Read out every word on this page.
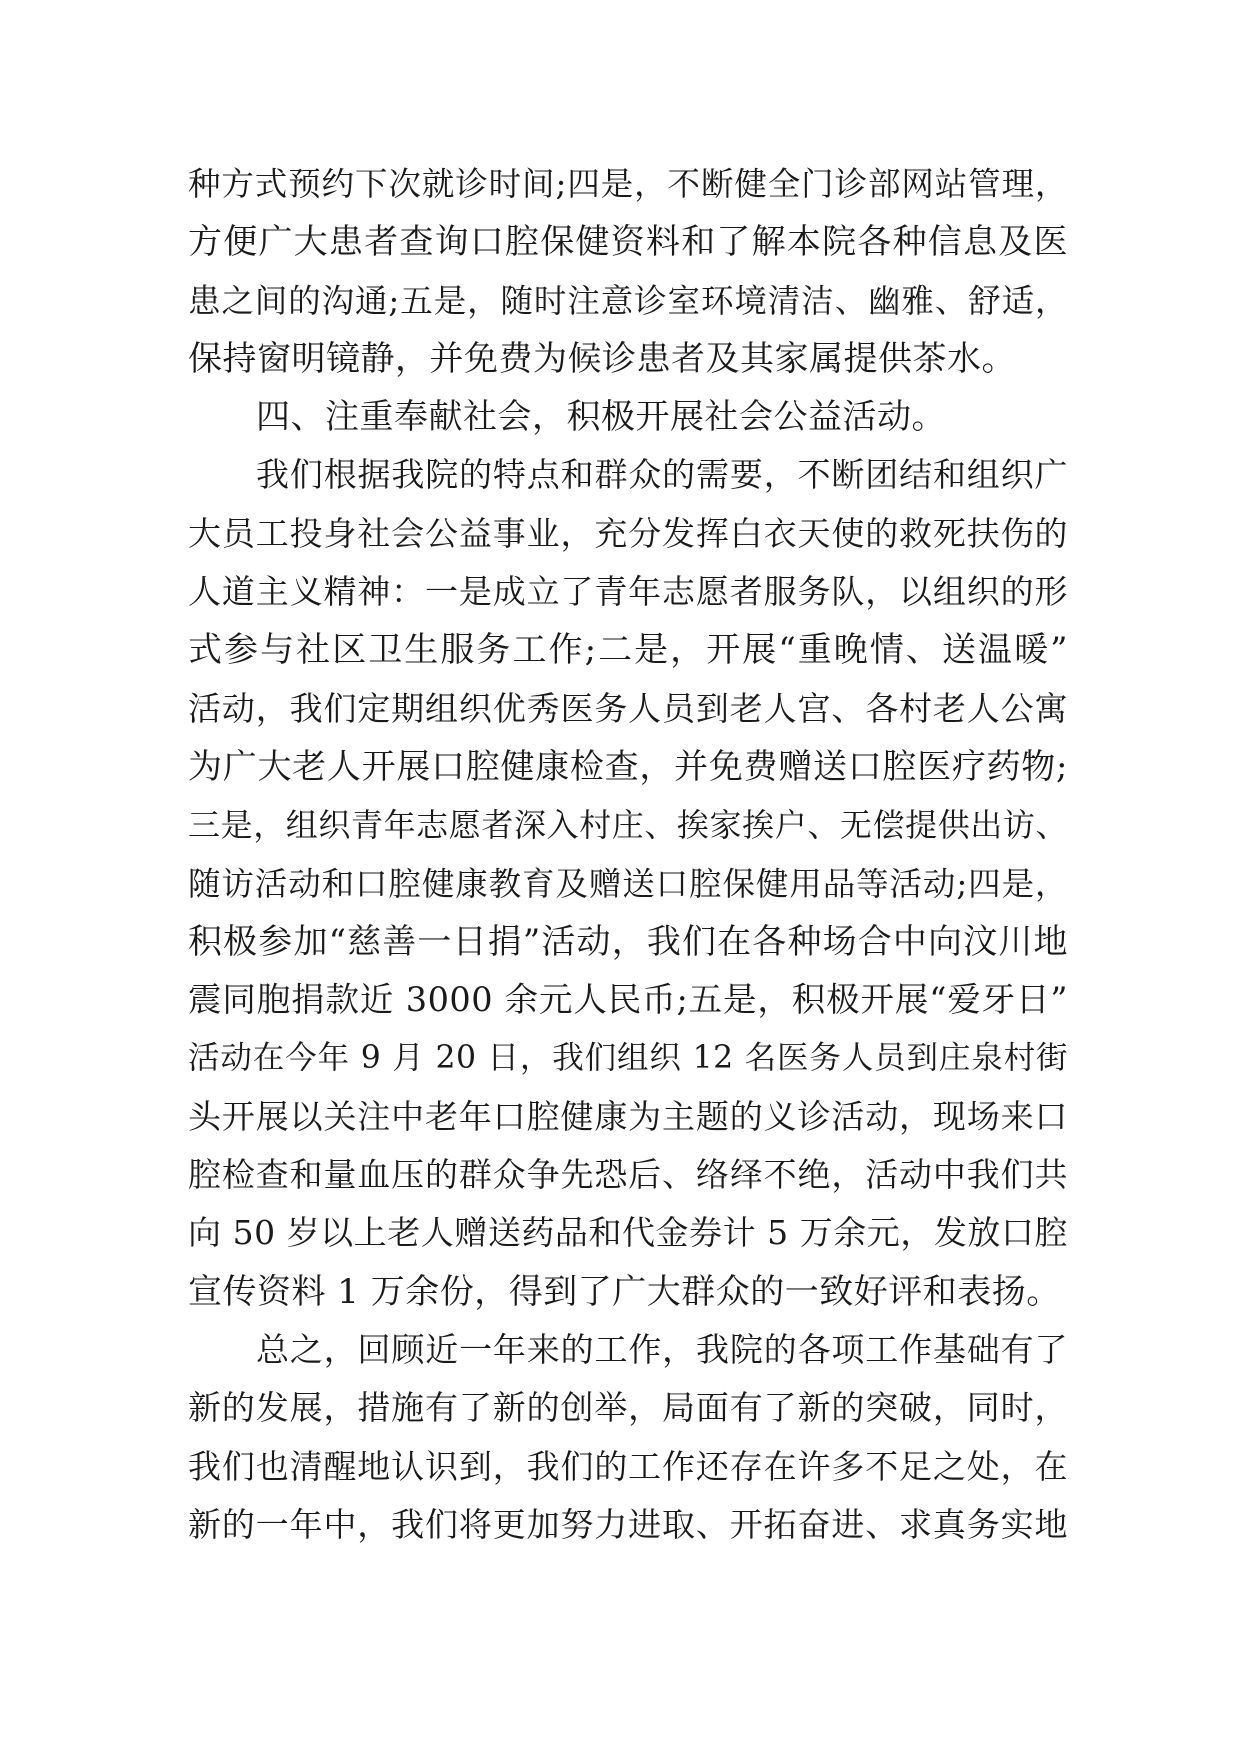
种方式预约下次就诊时间;四是，不断健全门诊部网站管理，
方便广大患者查询口腔保健资料和了解本院各种信息及医
患之间的沟通;五是，随时注意诊室环境清洁、幽雅、舒适，
保持窗明镜静，并免费为候诊患者及其家属提供茶水。
四、注重奉献社会，积极开展社会公益活动。
我们根据我院的特点和群众的需要，不断团结和组织广
大员工投身社会公益事业，充分发挥白衣天使的救死扶伤的
人道主义精神：一是成立了青年志愿者服务队，以组织的形
式参与社区卫生服务工作;二是，开展“重晚情、送温暖”
活动，我们定期组织优秀医务人员到老人宫、各村老人公寓
为广大老人开展口腔健康检查，并免费赠送口腔医疗药物;
三是，组织青年志愿者深入村庄、挨家挨户、无偿提供出访、
随访活动和口腔健康教育及赠送口腔保健用品等活动;四是，
积极参加“慈善一日捐”活动，我们在各种场合中向汶川地
震同胞捐款近 3000 余元人民币;五是，积极开展“爱牙日”
活动在今年 9 月 20 日，我们组织 12 名医务人员到庄泉村街
头开展以关注中老年口腔健康为主题的义诊活动，现场来口
腔检查和量血压的群众争先恐后、络绎不绝，活动中我们共
向 50 岁以上老人赠送药品和代金券计 5 万余元，发放口腔
宣传资料 1 万余份，得到了广大群众的一致好评和表扬。
总之，回顾近一年来的工作，我院的各项工作基础有了
新的发展，措施有了新的创举，局面有了新的突破，同时，
我们也清醒地认识到，我们的工作还存在许多不足之处，在
新的一年中，我们将更加努力进取、开拓奋进、求真务实地
